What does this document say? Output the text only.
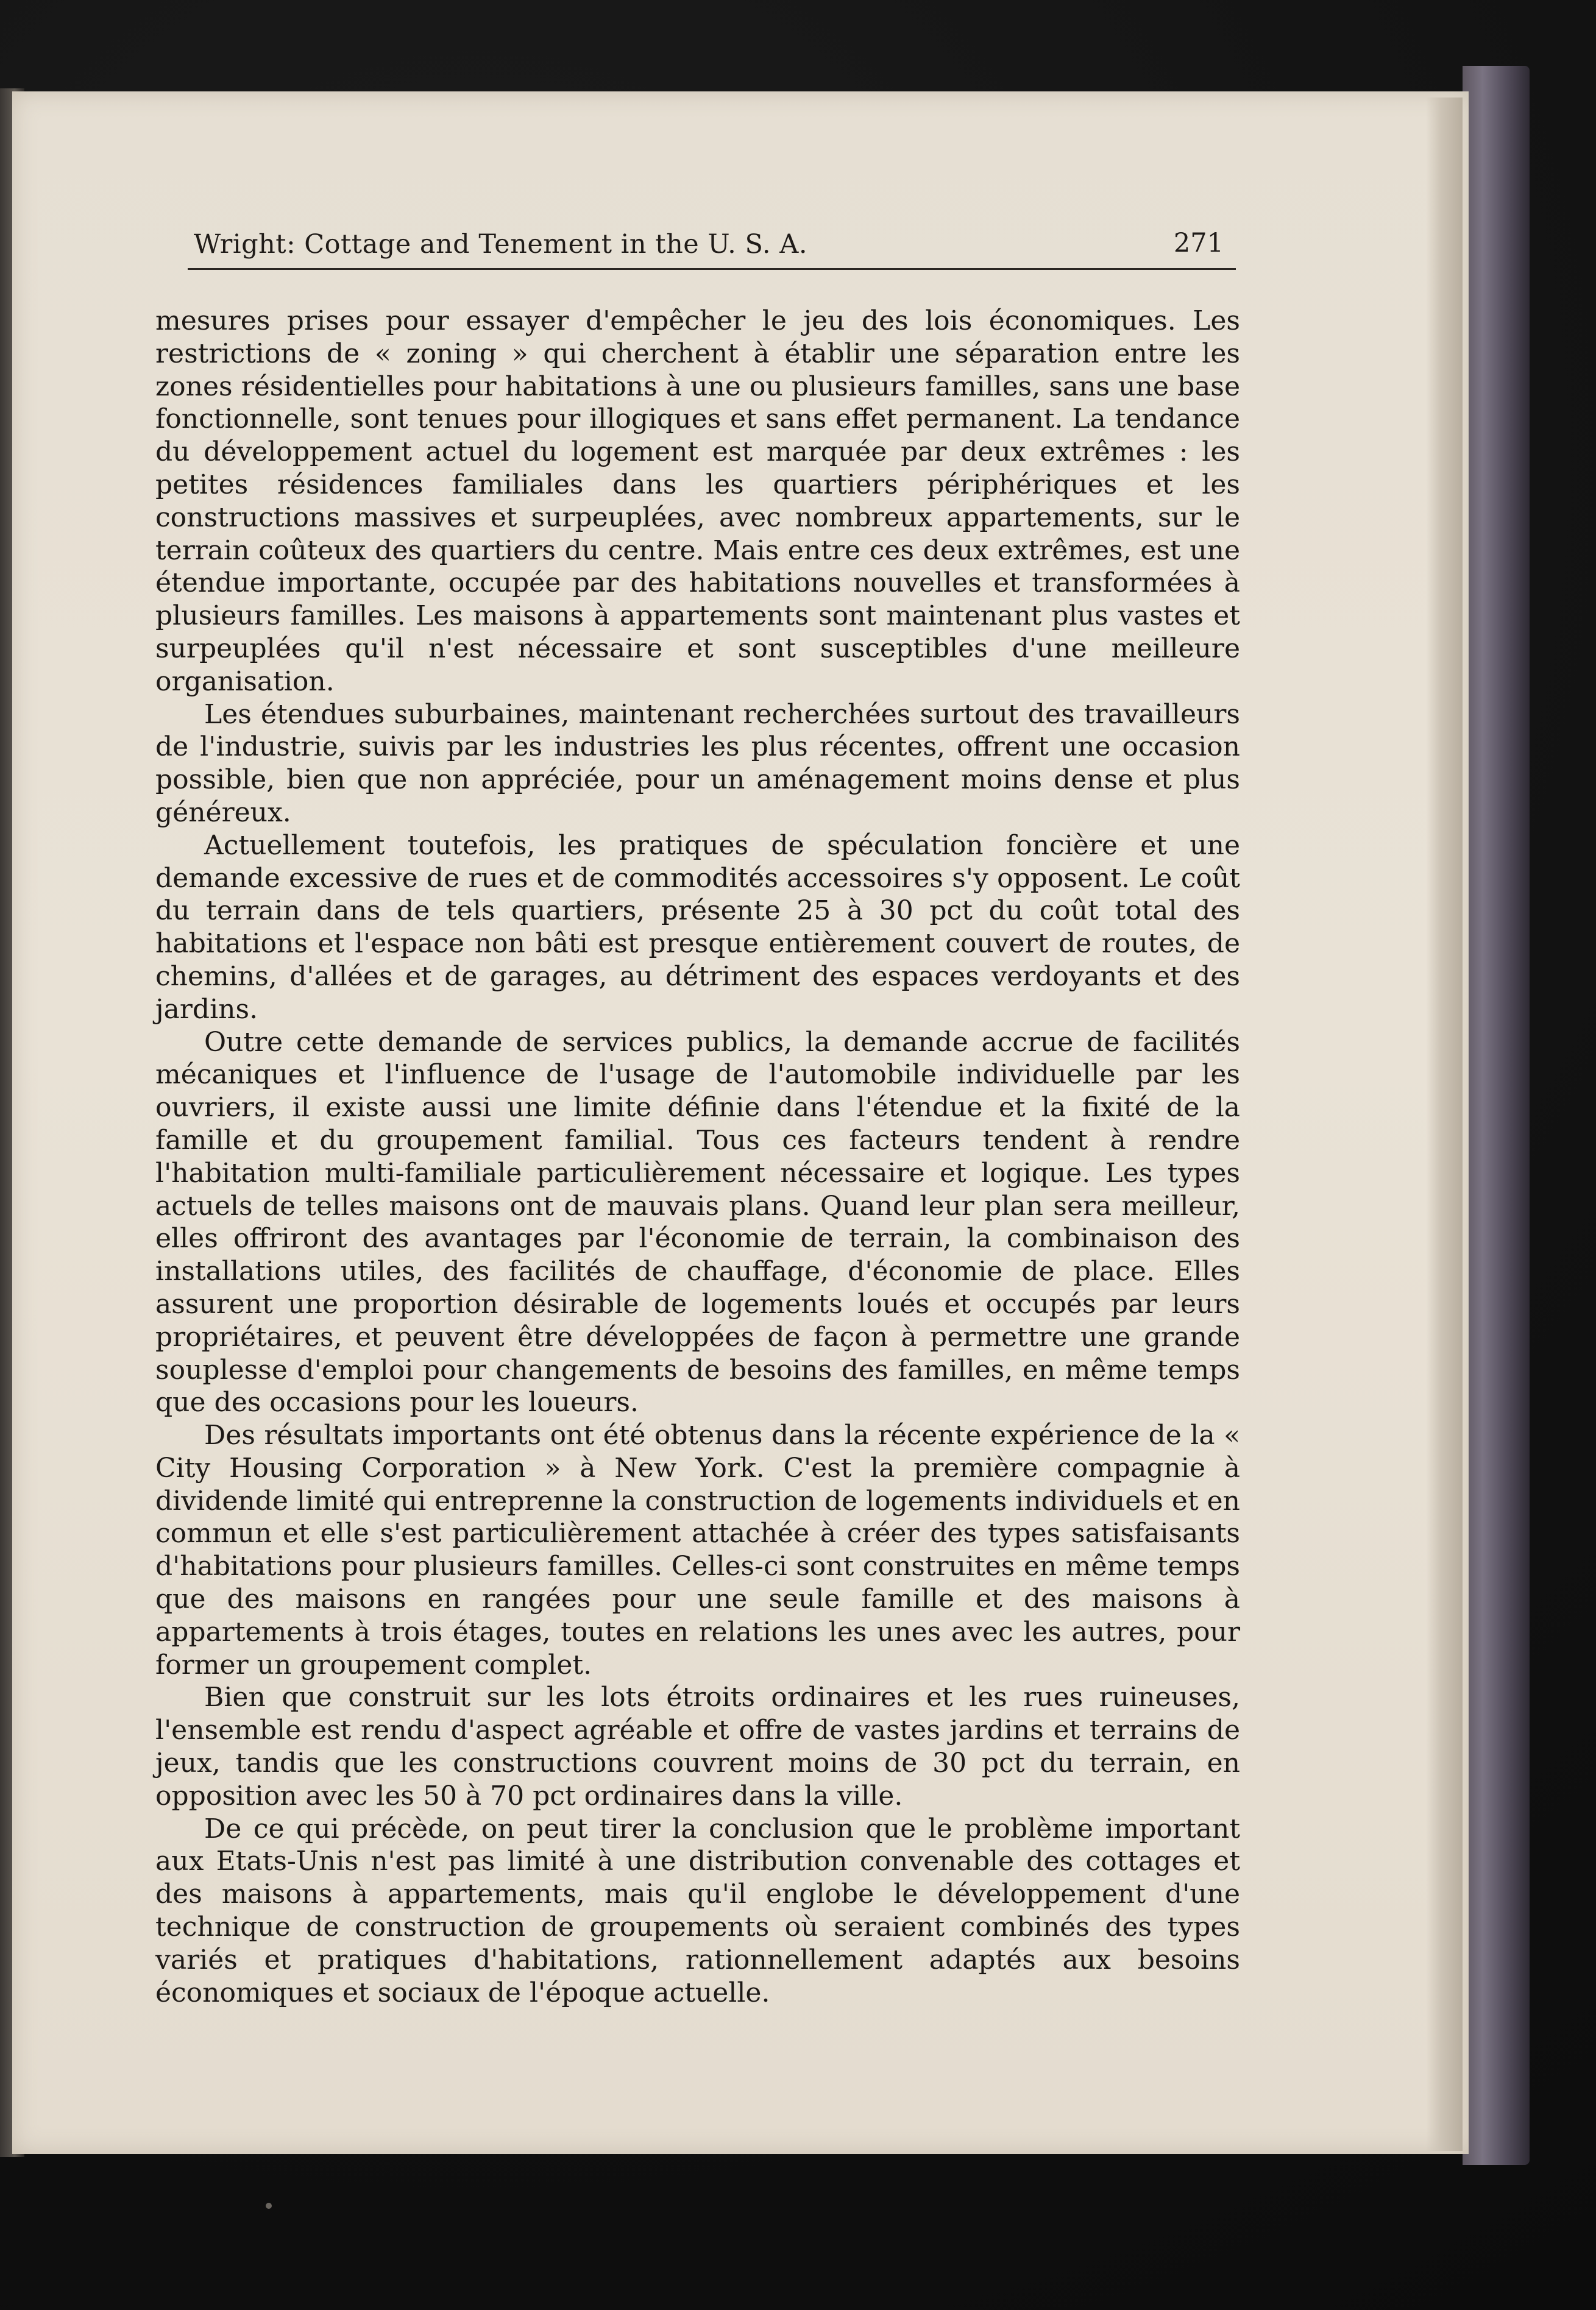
Wright: Cottage and Tenement in the U. S. A.	271

mesures prises pour essayer d'empêcher le jeu des lois économiques. Les restrictions de « zoning » qui cherchent à établir une séparation entre les zones résidentielles pour habitations à une ou plusieurs familles, sans une base fonctionnelle, sont tenues pour illogiques et sans effet permanent. La tendance du développement actuel du logement est marquée par deux extrêmes : les petites résidences familiales dans les quartiers périphériques et les constructions massives et surpeuplées, avec nombreux appartements, sur le terrain coûteux des quartiers du centre. Mais entre ces deux extrêmes, est une étendue importante, occupée par des habitations nouvelles et transformées à plusieurs familles. Les maisons à appartements sont maintenant plus vastes et surpeuplées qu'il n'est nécessaire et sont susceptibles d'une meilleure organisation.

Les étendues suburbaines, maintenant recherchées surtout des travailleurs de l'industrie, suivis par les industries les plus récentes, offrent une occasion possible, bien que non appréciée, pour un aménagement moins dense et plus généreux.

Actuellement toutefois, les pratiques de spéculation foncière et une demande excessive de rues et de commodités accessoires s'y opposent. Le coût du terrain dans de tels quartiers, présente 25 à 30 pct du coût total des habitations et l'espace non bâti est presque entièrement couvert de routes, de chemins, d'allées et de garages, au détriment des espaces verdoyants et des jardins.

Outre cette demande de services publics, la demande accrue de facilités mécaniques et l'influence de l'usage de l'automobile individuelle par les ouvriers, il existe aussi une limite définie dans l'étendue et la fixité de la famille et du groupement familial. Tous ces facteurs tendent à rendre l'habitation multi-familiale particulièrement nécessaire et logique. Les types actuels de telles maisons ont de mauvais plans. Quand leur plan sera meilleur, elles offriront des avantages par l'économie de terrain, la combinaison des installations utiles, des facilités de chauffage, d'économie de place. Elles assurent une proportion désirable de logements loués et occupés par leurs propriétaires, et peuvent être développées de façon à permettre une grande souplesse d'emploi pour changements de besoins des familles, en même temps que des occasions pour les loueurs.

Des résultats importants ont été obtenus dans la récente expérience de la « City Housing Corporation » à New York. C'est la première compagnie à dividende limité qui entreprenne la construction de logements individuels et en commun et elle s'est particulièrement attachée à créer des types satisfaisants d'habitations pour plusieurs familles. Celles-ci sont construites en même temps que des maisons en rangées pour une seule famille et des maisons à appartements à trois étages, toutes en relations les unes avec les autres, pour former un groupement complet.

Bien que construit sur les lots étroits ordinaires et les rues ruineuses, l'ensemble est rendu d'aspect agréable et offre de vastes jardins et terrains de jeux, tandis que les constructions couvrent moins de 30 pct du terrain, en opposition avec les 50 à 70 pct ordinaires dans la ville.

De ce qui précède, on peut tirer la conclusion que le problème important aux Etats-Unis n'est pas limité à une distribution convenable des cottages et des maisons à appartements, mais qu'il englobe le développement d'une technique de construction de groupements où seraient combinés des types variés et pratiques d'habitations, rationnellement adaptés aux besoins économiques et sociaux de l'époque actuelle.
